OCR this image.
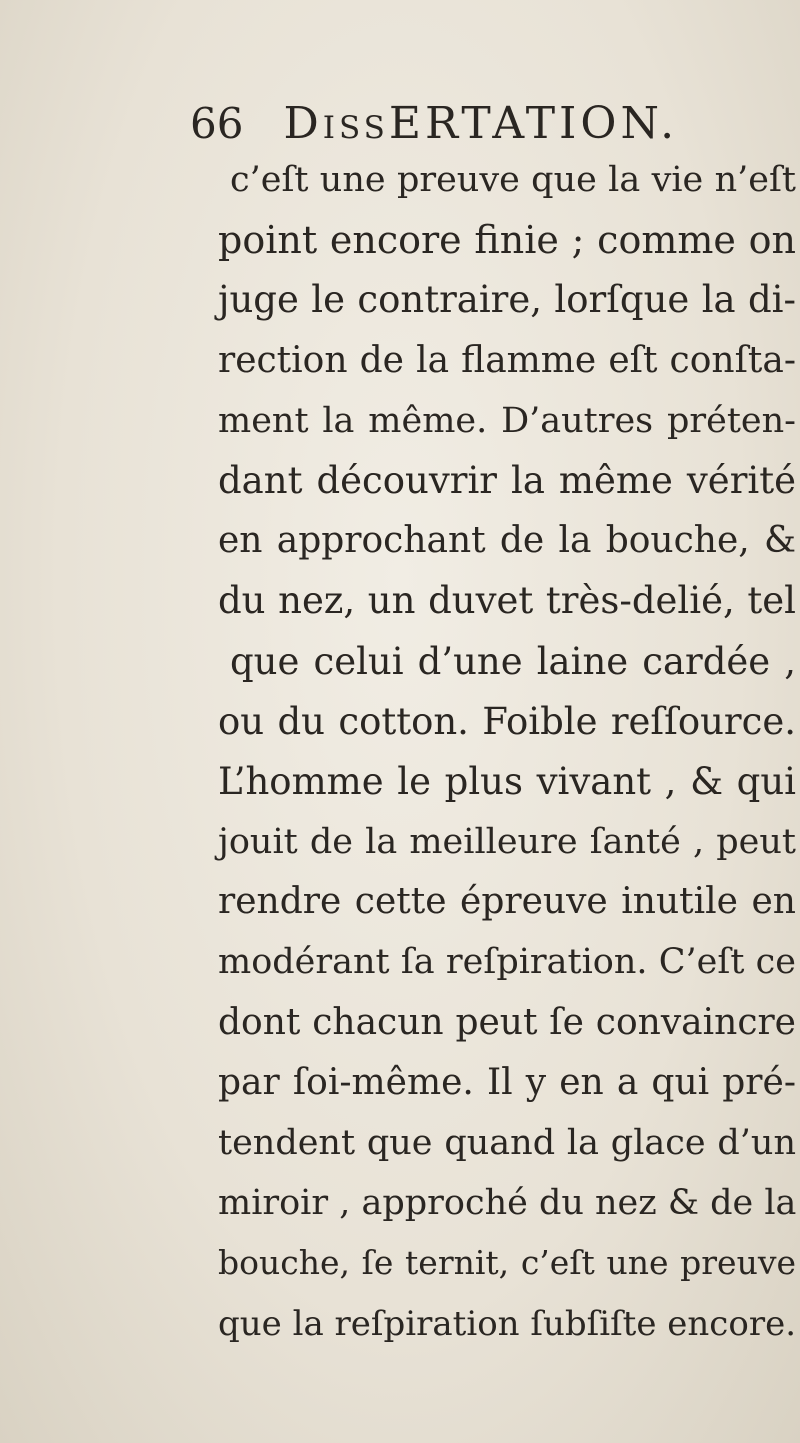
66 DissERTATION.
c’eſt une preuve que la vie n’eſt
point encore finie ; comme on
juge le contraire, lorſque la di-
rection de la flamme eſt conſta-
ment la même. D’autres préten-
dant découvrir la même vérité
en approchant de la bouche, &
du nez, un duvet très-delié, tel
que celui d’une laine cardée ,
ou du cotton. Foible reſſource.
L’homme le plus vivant , & qui
jouit de la meilleure ſanté , peut
rendre cette épreuve inutile en
modérant ſa reſpiration. C’eſt ce
dont chacun peut ſe convaincre
par ſoi-même. Il y en a qui pré-
tendent que quand la glace d’un
miroir , approché du nez & de la
bouche, ſe ternit, c’eſt une preuve
que la reſpiration ſubſiſte encore.
